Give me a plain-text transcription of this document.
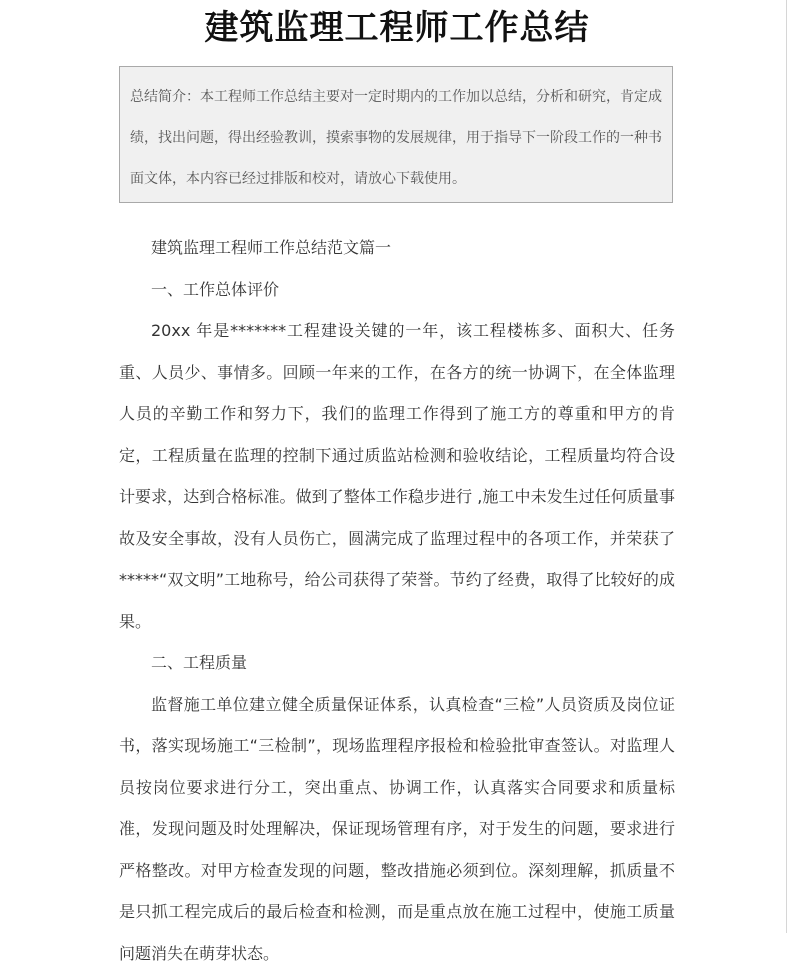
建筑监理工程师工作总结
总结简介：本工程师工作总结主要对一定时期内的工作加以总结，分析和研究，肯定成绩，找出问题，得出经验教训，摸索事物的发展规律，用于指导下一阶段工作的一种书面文体，本内容已经过排版和校对，请放心下载使用。

建筑监理工程师工作总结范文篇一

一、工作总体评价

20xx 年是*******工程建设关键的一年，该工程楼栋多、面积大、任务重、人员少、事情多。回顾一年来的工作，在各方的统一协调下，在全体监理人员的辛勤工作和努力下，我们的监理工作得到了施工方的尊重和甲方的肯定，工程质量在监理的控制下通过质监站检测和验收结论，工程质量均符合设计要求，达到合格标准。做到了整体工作稳步进行 ,施工中未发生过任何质量事故及安全事故，没有人员伤亡，圆满完成了监理过程中的各项工作，并荣获了*****“双文明”工地称号，给公司获得了荣誉。节约了经费，取得了比较好的成果。

二、工程质量

监督施工单位建立健全质量保证体系，认真检查“三检”人员资质及岗位证书，落实现场施工“三检制”，现场监理程序报检和检验批审查签认。对监理人员按岗位要求进行分工，突出重点、协调工作，认真落实合同要求和质量标准，发现问题及时处理解决，保证现场管理有序，对于发生的问题，要求进行严格整改。对甲方检查发现的问题，整改措施必须到位。深刻理解，抓质量不是只抓工程完成后的最后检查和检测，而是重点放在施工过程中，使施工质量问题消失在萌芽状态。
